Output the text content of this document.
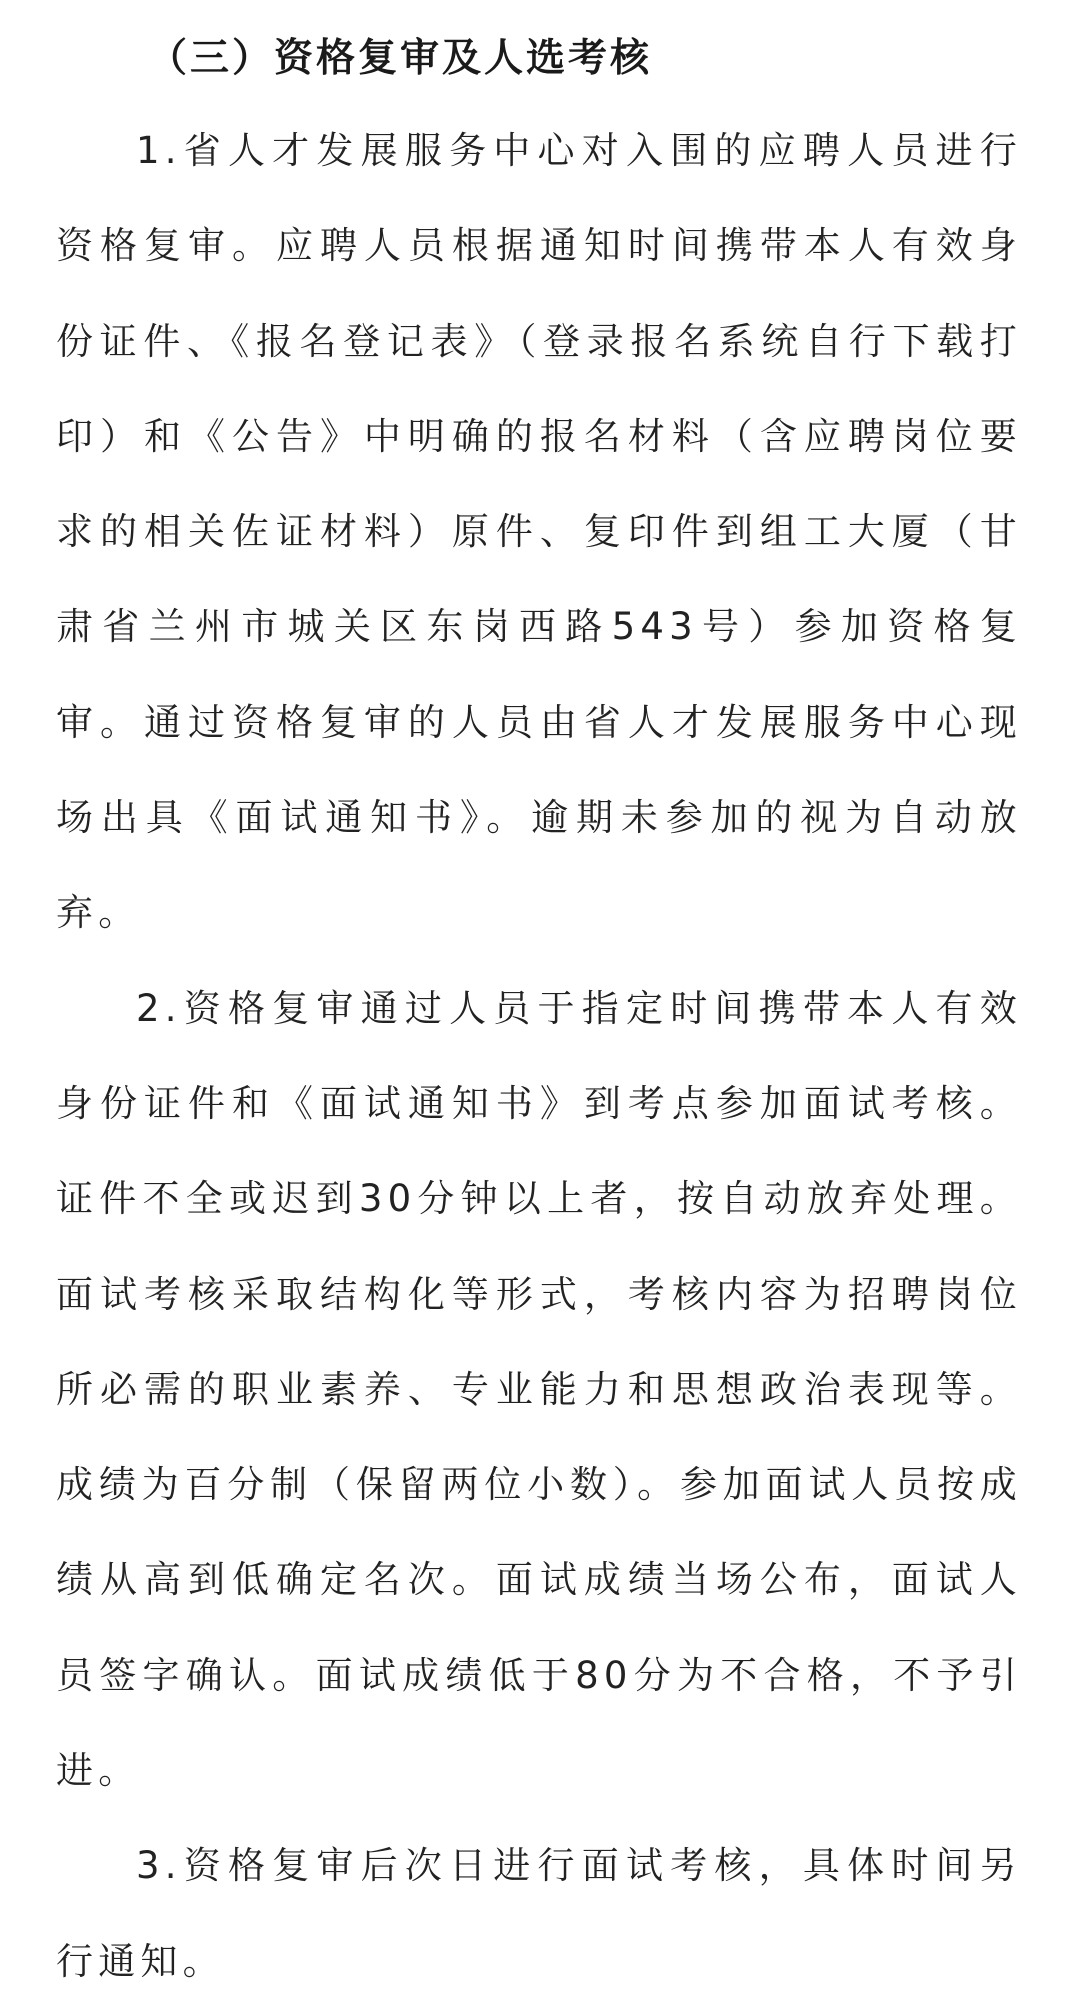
（三）资格复审及人选考核

1.省人才发展服务中心对入围的应聘人员进行资格复审。应聘人员根据通知时间携带本人有效身份证件、《报名登记表》（登录报名系统自行下载打印）和《公告》中明确的报名材料（含应聘岗位要求的相关佐证材料）原件、复印件到组工大厦（甘肃省兰州市城关区东岗西路543号）参加资格复审。通过资格复审的人员由省人才发展服务中心现场出具《面试通知书》。逾期未参加的视为自动放弃。

2.资格复审通过人员于指定时间携带本人有效身份证件和《面试通知书》到考点参加面试考核。证件不全或迟到30分钟以上者，按自动放弃处理。面试考核采取结构化等形式，考核内容为招聘岗位所必需的职业素养、专业能力和思想政治表现等。成绩为百分制（保留两位小数）。参加面试人员按成绩从高到低确定名次。面试成绩当场公布，面试人员签字确认。面试成绩低于80分为不合格，不予引进。

3.资格复审后次日进行面试考核，具体时间另行通知。
